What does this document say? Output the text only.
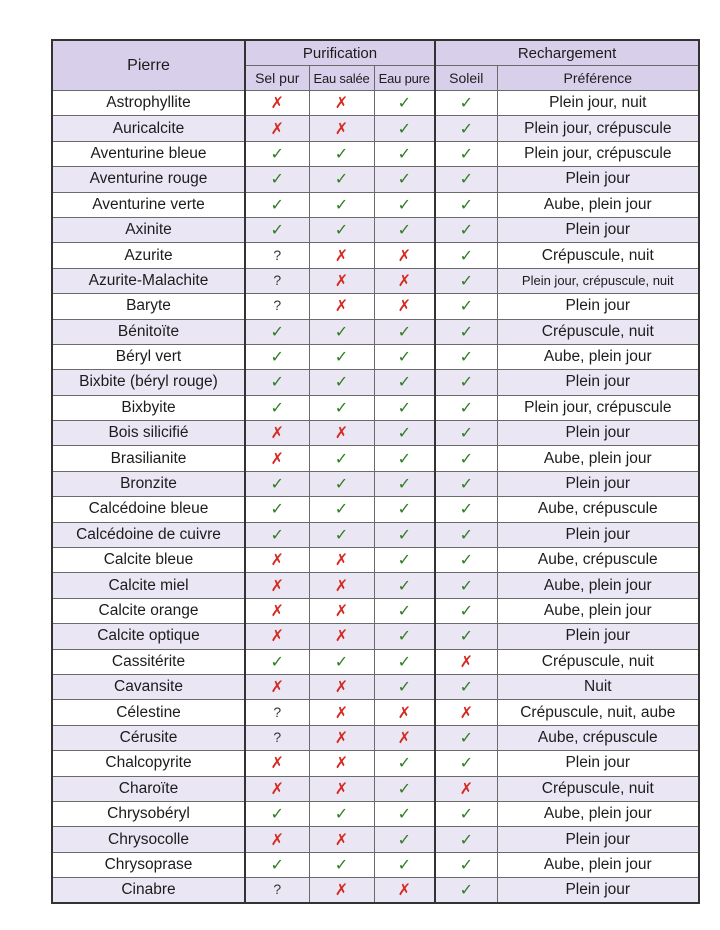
Pierre	Purification			Rechargement	
	Sel pur	Eau salée	Eau pure	Soleil	Préférence
Astrophyllite	✗	✗	✓	✓	Plein jour, nuit
Auricalcite	✗	✗	✓	✓	Plein jour, crépuscule
Aventurine bleue	✓	✓	✓	✓	Plein jour, crépuscule
Aventurine rouge	✓	✓	✓	✓	Plein jour
Aventurine verte	✓	✓	✓	✓	Aube, plein jour
Axinite	✓	✓	✓	✓	Plein jour
Azurite	?	✗	✗	✓	Crépuscule, nuit
Azurite-Malachite	?	✗	✗	✓	Plein jour, crépuscule, nuit
Baryte	?	✗	✗	✓	Plein jour
Bénitoïte	✓	✓	✓	✓	Crépuscule, nuit
Béryl vert	✓	✓	✓	✓	Aube, plein jour
Bixbite (béryl rouge)	✓	✓	✓	✓	Plein jour
Bixbyite	✓	✓	✓	✓	Plein jour, crépuscule
Bois silicifié	✗	✗	✓	✓	Plein jour
Brasilianite	✗	✓	✓	✓	Aube, plein jour
Bronzite	✓	✓	✓	✓	Plein jour
Calcédoine bleue	✓	✓	✓	✓	Aube, crépuscule
Calcédoine de cuivre	✓	✓	✓	✓	Plein jour
Calcite bleue	✗	✗	✓	✓	Aube, crépuscule
Calcite miel	✗	✗	✓	✓	Aube, plein jour
Calcite orange	✗	✗	✓	✓	Aube, plein jour
Calcite optique	✗	✗	✓	✓	Plein jour
Cassitérite	✓	✓	✓	✗	Crépuscule, nuit
Cavansite	✗	✗	✓	✓	Nuit
Célestine	?	✗	✗	✗	Crépuscule, nuit, aube
Cérusite	?	✗	✗	✓	Aube, crépuscule
Chalcopyrite	✗	✗	✓	✓	Plein jour
Charoïte	✗	✗	✓	✗	Crépuscule, nuit
Chrysobéryl	✓	✓	✓	✓	Aube, plein jour
Chrysocolle	✗	✗	✓	✓	Plein jour
Chrysoprase	✓	✓	✓	✓	Aube, plein jour
Cinabre	?	✗	✗	✓	Plein jour
